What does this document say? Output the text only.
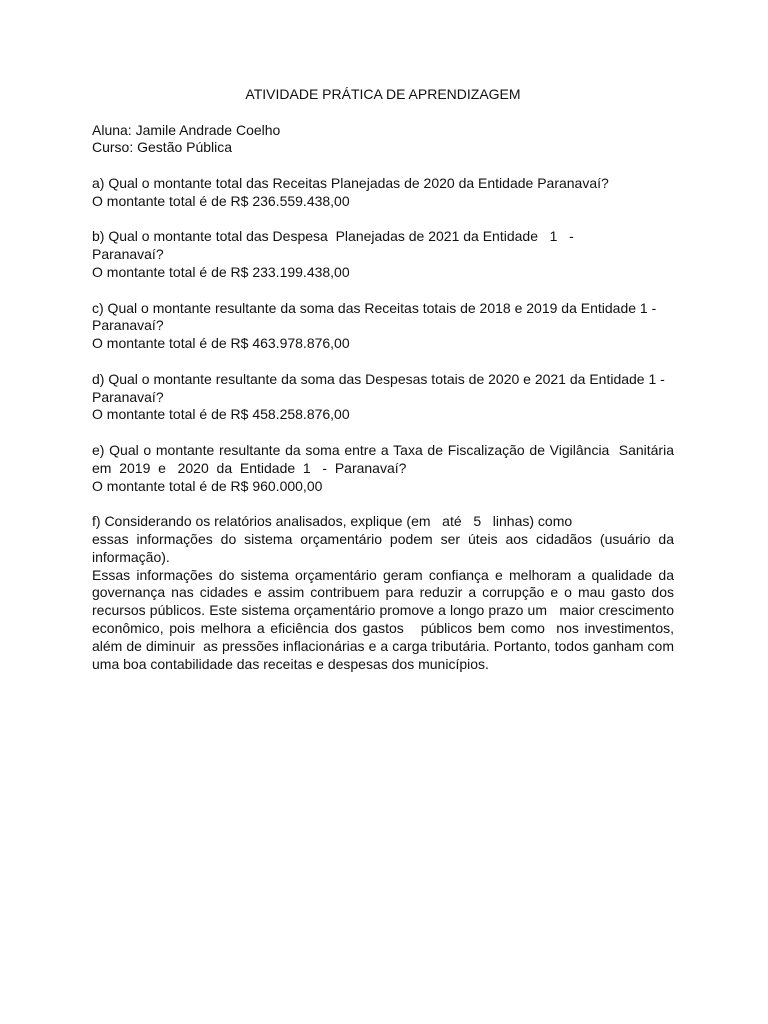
ATIVIDADE PRÁTICA DE APRENDIZAGEM

Aluna: Jamile Andrade Coelho

Curso: Gestão Pública

a) Qual o montante total das Receitas Planejadas de 2020 da Entidade Paranavaí?

O montante total é de R$ 236.559.438,00

b) Qual o montante total das Despesa  Planejadas de 2021 da Entidade   1   -

Paranavaí?

O montante total é de R$ 233.199.438,00

c) Qual o montante resultante da soma das Receitas totais de 2018 e 2019 da Entidade 1 - Paranavaí?

O montante total é de R$ 463.978.876,00

d) Qual o montante resultante da soma das Despesas totais de 2020 e 2021 da Entidade 1 - Paranavaí?

O montante total é de R$ 458.258.876,00

e) Qual o montante resultante da soma entre a Taxa de Fiscalização de Vigilância  Sanitária em  2019  e   2020  da  Entidade  1   -  Paranavaí?

O montante total é de R$ 960.000,00

f) Considerando os relatórios analisados, explique (em   até   5   linhas) como

essas informações do sistema orçamentário podem ser úteis aos cidadãos (usuário da informação).

Essas informações do sistema orçamentário geram confiança e melhoram a qualidade da governança nas cidades e assim contribuem para reduzir a corrupção e o mau gasto dos recursos públicos. Este sistema orçamentário promove a longo prazo um   maior crescimento econômico, pois melhora a eficiência dos gastos   públicos bem como  nos investimentos, além de diminuir  as pressões inflacionárias e a carga tributária. Portanto, todos ganham com uma boa contabilidade das receitas e despesas dos municípios.
